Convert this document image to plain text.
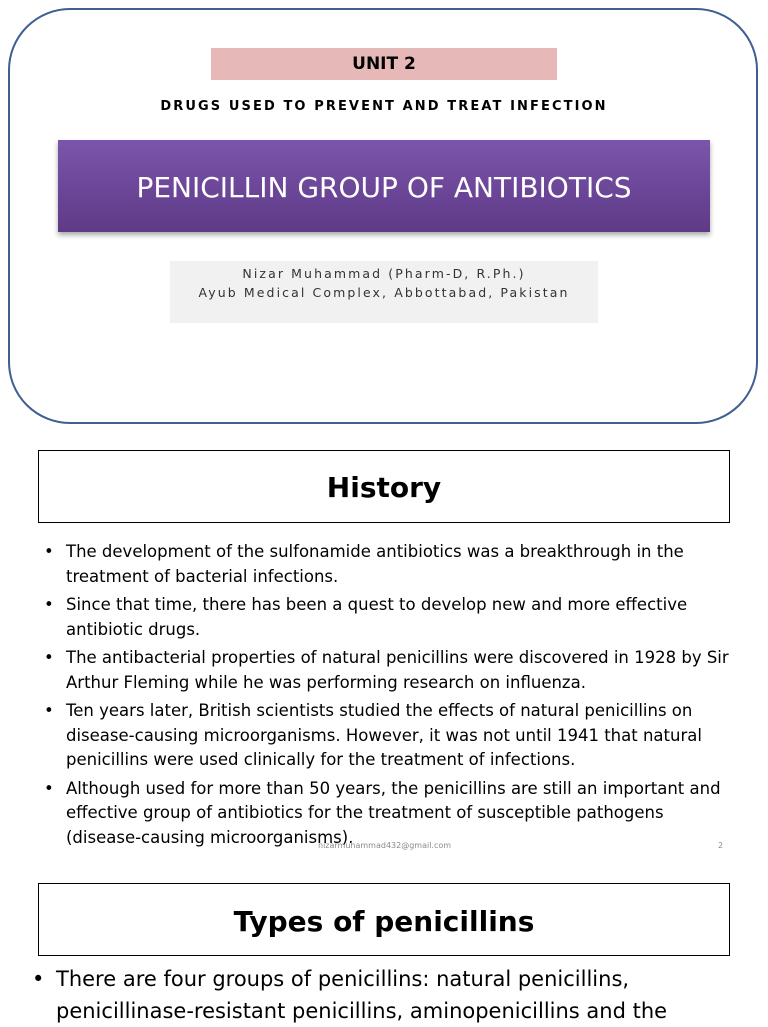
UNIT 2
DRUGS USED TO PREVENT AND TREAT INFECTION
PENICILLIN GROUP OF ANTIBIOTICS
Nizar Muhammad (Pharm-D, R.Ph.)
Ayub Medical Complex, Abbottabad, Pakistan
History
• The development of the sulfonamide antibiotics was a breakthrough in the treatment of bacterial infections.
• Since that time, there has been a quest to develop new and more effective antibiotic drugs.
• The antibacterial properties of natural penicillins were discovered in 1928 by Sir Arthur Fleming while he was performing research on influenza.
• Ten years later, British scientists studied the effects of natural penicillins on disease-causing microorganisms. However, it was not until 1941 that natural penicillins were used clinically for the treatment of infections.
• Although used for more than 50 years, the penicillins are still an important and effective group of antibiotics for the treatment of susceptible pathogens (disease-causing microorganisms).
nizarmuhammad432@gmail.com	2
Types of penicillins
• There are four groups of penicillins: natural penicillins, penicillinase-resistant penicillins, aminopenicillins and the
